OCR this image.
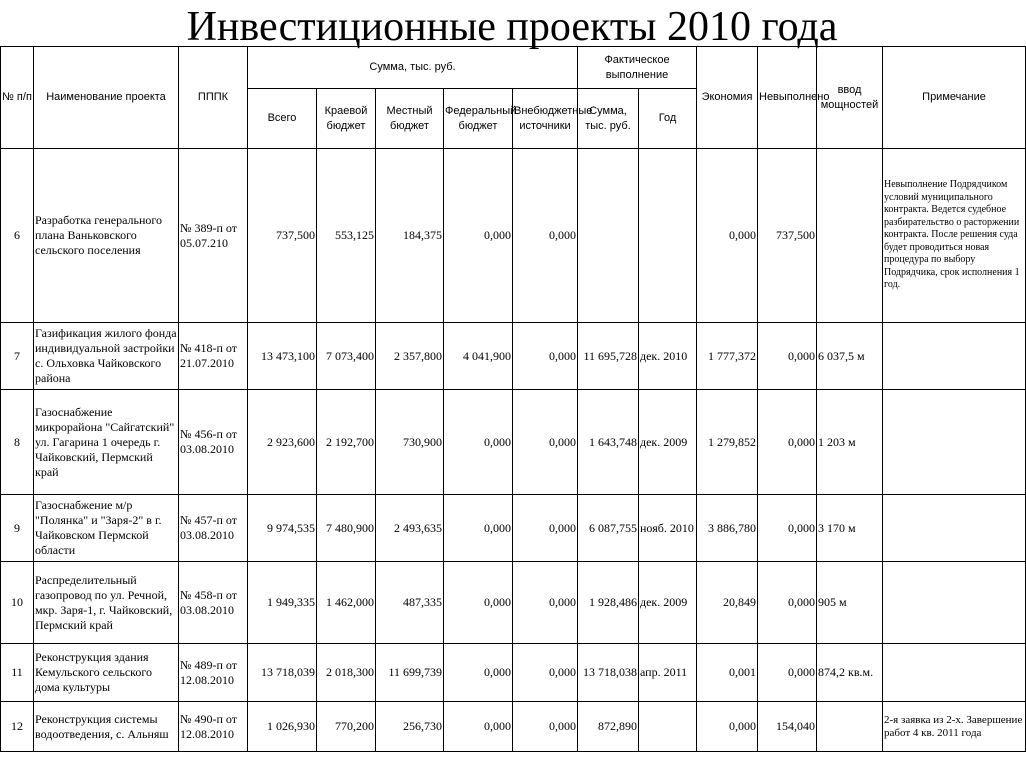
Инвестиционные проекты 2010 года
№ п/п	Наименование проекта	ПППК	Сумма, тыс. руб.					Фактическое выполнение		Экономия	Невыполнено	ввод мощностей	Примечание
			Всего	Краевой бюджет	Местный бюджет	Федеральный бюджет	Внебюджетные источники	Сумма, тыс. руб.	Год				
6	Разработка генерального плана Ваньковского сельского поселения	№ 389-п от 05.07.210	737,500	553,125	184,375	0,000	0,000			0,000	737,500		Невыполнение Подрядчиком условий муниципального контракта. Ведется судебное разбирательство о расторжении контракта. После решения суда будет проводиться новая процедура по выбору Подрядчика, срок исполнения 1 год.
7	Газификация жилого фонда индивидуальной застройки с. Ольховка Чайковского района	№ 418-п от 21.07.2010	13 473,100	7 073,400	2 357,800	4 041,900	0,000	11 695,728	дек. 2010	1 777,372	0,000	6 037,5 м	
8	Газоснабжение микрорайона "Сайгатский" ул. Гагарина 1 очередь г. Чайковский, Пермский край	№ 456-п от 03.08.2010	2 923,600	2 192,700	730,900	0,000	0,000	1 643,748	дек. 2009	1 279,852	0,000	1 203 м	
9	Газоснабжение м/р "Полянка" и "Заря-2" в г. Чайковском Пермской области	№ 457-п от 03.08.2010	9 974,535	7 480,900	2 493,635	0,000	0,000	6 087,755	нояб. 2010	3 886,780	0,000	3 170 м	
10	Распределительный газопровод по ул. Речной, мкр. Заря-1, г. Чайковский, Пермский край	№ 458-п от 03.08.2010	1 949,335	1 462,000	487,335	0,000	0,000	1 928,486	дек. 2009	20,849	0,000	905 м	
11	Реконструкция здания Кемульского сельского дома культуры	№ 489-п от 12.08.2010	13 718,039	2 018,300	11 699,739	0,000	0,000	13 718,038	апр. 2011	0,001	0,000	874,2 кв.м.	
12	Реконструкция системы водоотведения, с. Альняш	№ 490-п от 12.08.2010	1 026,930	770,200	256,730	0,000	0,000	872,890		0,000	154,040		2-я заявка из 2-х. Завершение работ 4 кв. 2011 года
